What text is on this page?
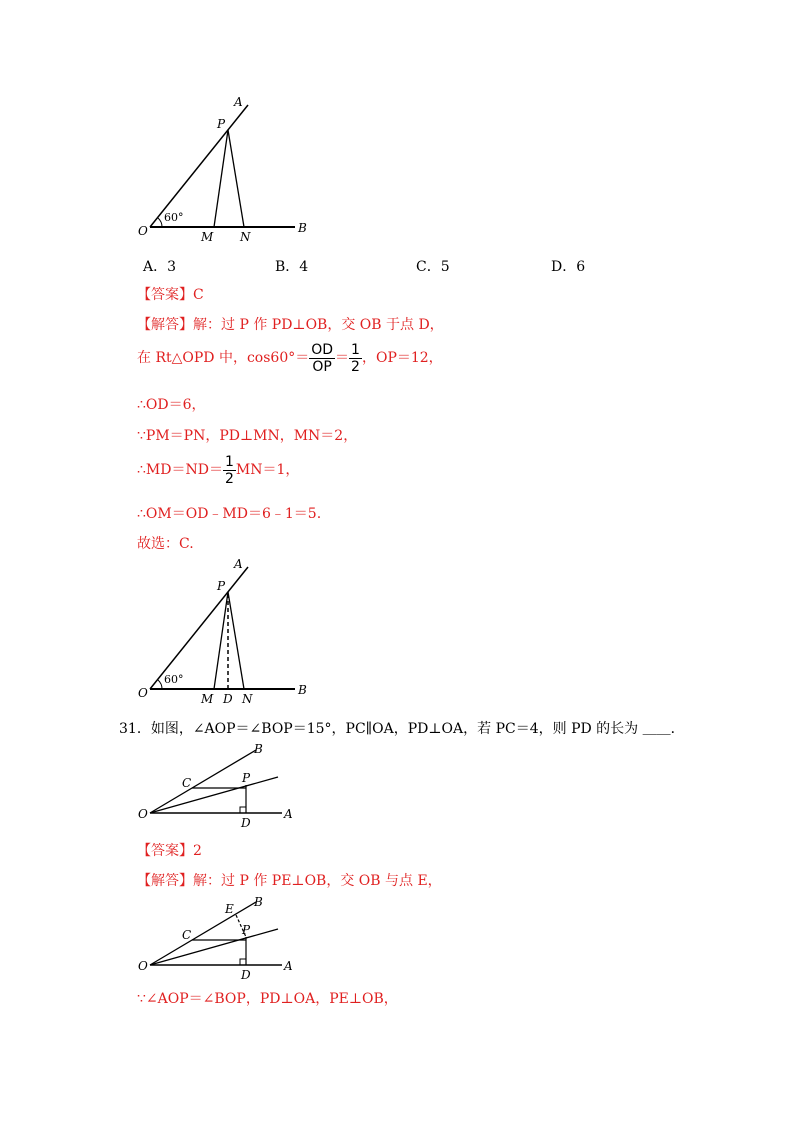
A
P
60°
O	M N
B
A．3	B．4	C．5	D．6
【答案】C
【解答】解：过 P 作 PD⊥OB，交 OB 于点 D，
在 Rt△OPD 中，$\cos 60^\circ= \frac{OD}{OP} = \frac{1}{2}$ ，OP＝12，
∴OD＝6，
∵PM＝PN，PD⊥MN，MN＝2，
∴MD＝ND＝ $\frac{1}{2} MN=1$，
∴OM＝OD﹣MD＝6﹣1＝5.
故选：C.
A
P
60°
O	M D N
B
31．如图，∠AOP＝∠BOP＝15°，PC∥OA，PD⊥OA，若 PC＝4，则 PD 的长为 ＿＿．
B
C	P
O
D
A
【答案】2
【解答】解：过 P 作 PE⊥OB，交 OB 与点 E，
E B
C	P
O
D
A
∵∠AOP＝∠BOP，PD⊥OA，PE⊥OB，
